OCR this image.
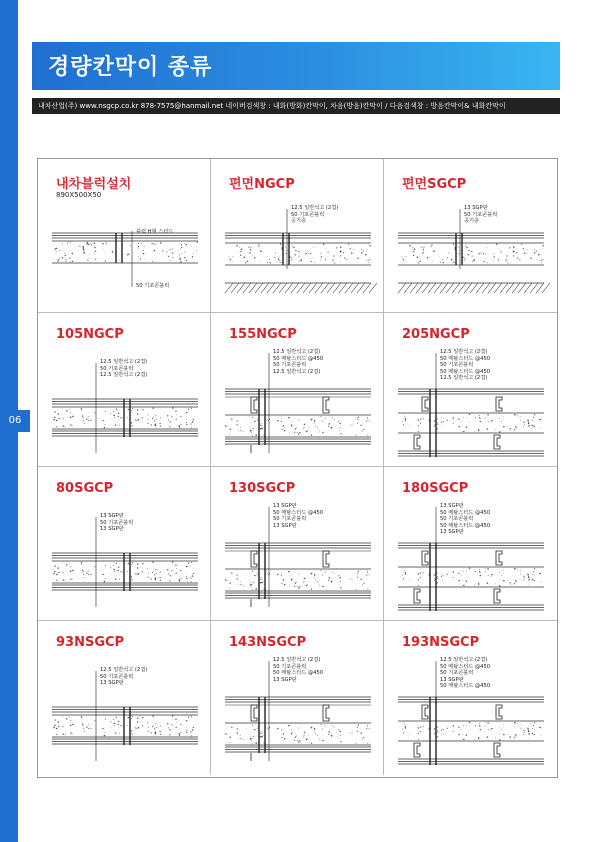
06
경량칸막이 종류
내차산업(주) www.nsgcp.co.kr 878-7575@hanmail.net 네이버검색창 : 내화(방화)칸막이, 차음(방음)칸막이 / 다음검색창 : 방음칸막이& 내화칸막이
내차블럭설치
890X500X50
블럭 H형 스터드
50 기포콘블럭
편면NGCP
12.5 일반석고 (2겹)
50 기포콘블럭
공기층
편면SGCP
13 SGP판
50 기포콘블럭
공기층
105NGCP
12.5 일반석고 (2겹)
50 기포콘블럭
12.5 일반석고 (2겹)
155NGCP
12.5 일반석고 (2겹)
50 메탈스터드 @450
50 기포콘블럭
12.5 일반석고 (2겹)
205NGCP
12.5 일반석고 (2겹)
50 메탈스터드 @450
50 기포콘블럭
50 메탈스터드 @450
12.5 일반석고 (2겹)
80SGCP
13 SGP판
50 기포콘블럭
13 SGP판
130SGCP
13 SGP판
50 메탈스터드 @450
50 기포콘블럭
13 SGP판
180SGCP
13 SGP판
50 메탈스터드 @450
50 기포콘블럭
50 메탈스터드 @450
13 SGP판
93NSGCP
12.5 일반석고 (2겹)
50 기포콘블럭
13 SGP판
143NSGCP
12.5 일반석고 (2겹)
50 기포콘블럭
50 메탈스터드 @450
13 SGP판
193NSGCP
12.5 일반석고 (2겹)
50 메탈스터드 @450
50 기포콘블럭
13 SGP판
50 메탈스터드 @450
